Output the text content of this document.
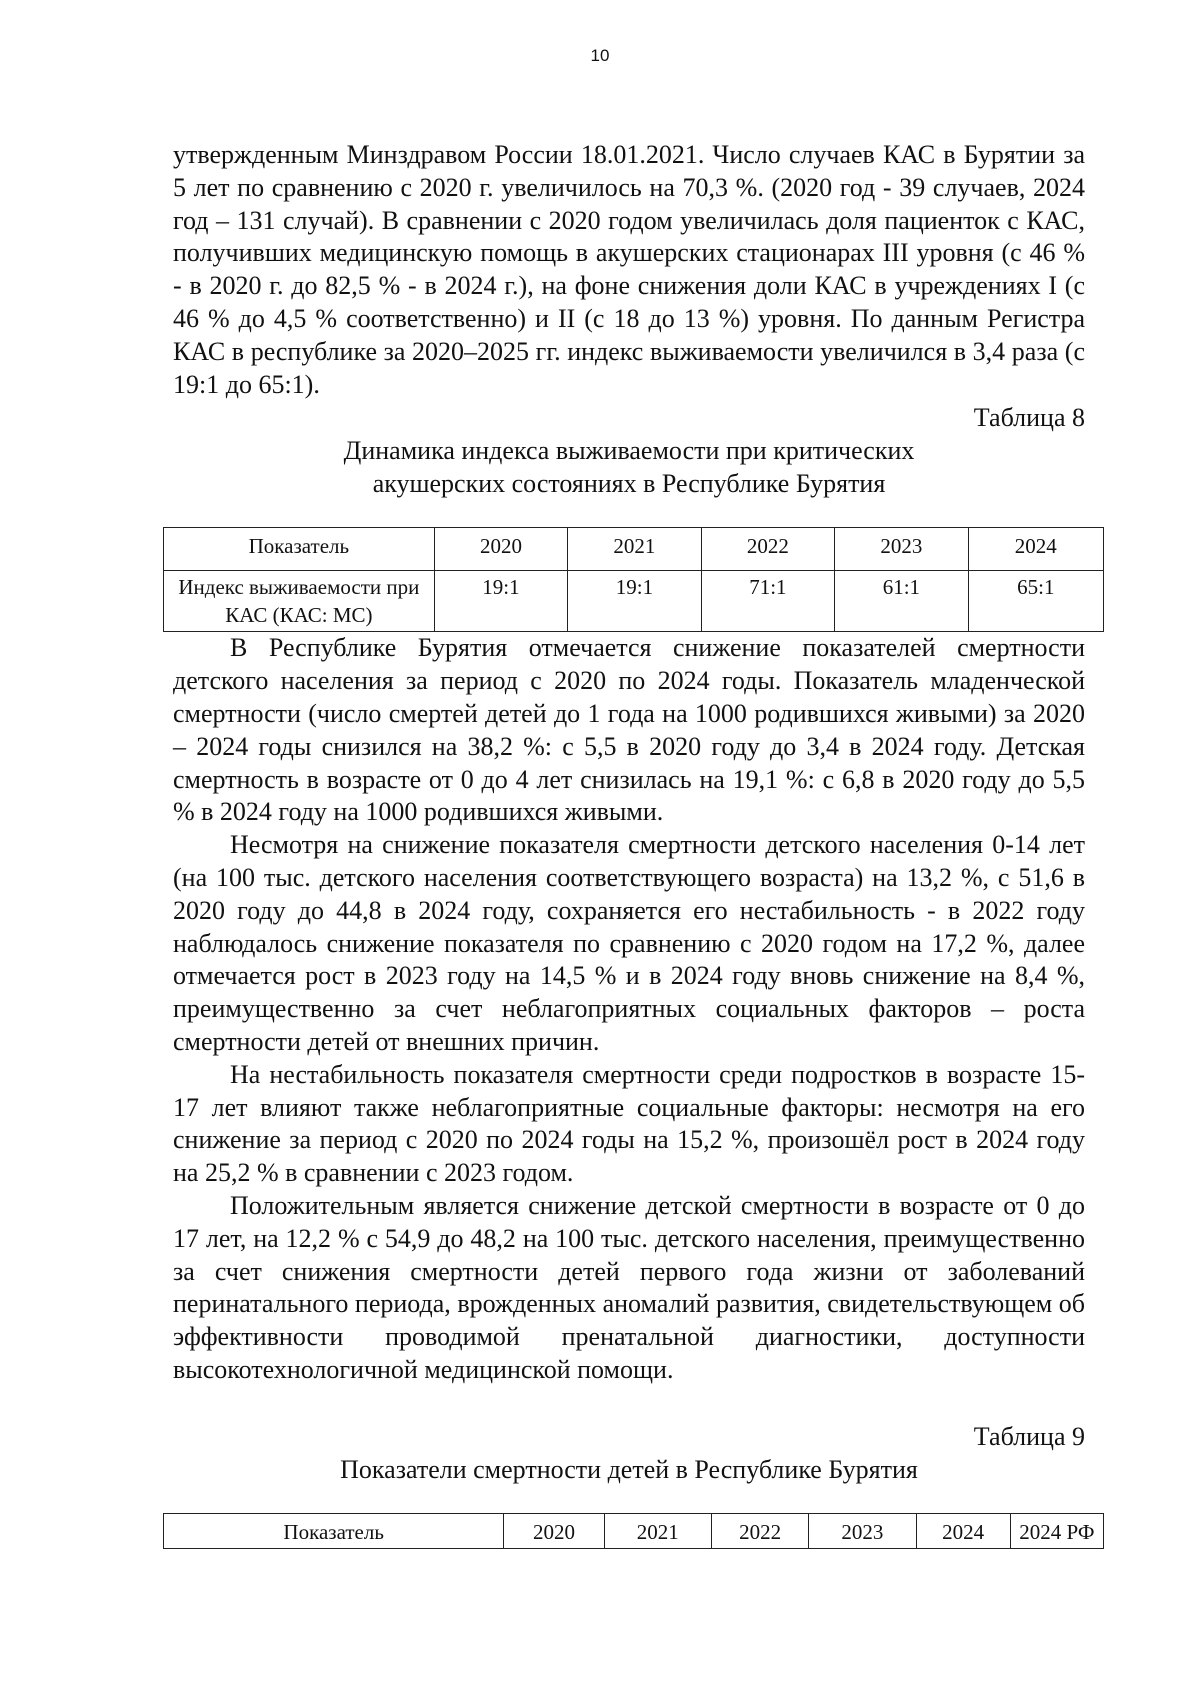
10

утвержденным Минздравом России 18.01.2021. Число случаев КАС в Бурятии за 5 лет по сравнению с 2020 г. увеличилось на 70,3 %. (2020 год - 39 случаев, 2024 год – 131 случай). В сравнении с 2020 годом увеличилась доля пациенток с КАС, получивших медицинскую помощь в акушерских стационарах III уровня (с 46 % - в 2020 г. до 82,5 % - в 2024 г.), на фоне снижения доли КАС в учреждениях I (с 46 % до 4,5 % соответственно) и II (с 18 до 13 %) уровня. По данным Регистра КАС в республике за 2020–2025 гг. индекс выживаемости увеличился в 3,4 раза (с 19:1 до 65:1).

Таблица 8

Динамика индекса выживаемости при критических акушерских состояниях в Республике Бурятия

Показатель	2020	2021	2022	2023	2024
Индекс выживаемости при КАС (КАС: МС)	19:1	19:1	71:1	61:1	65:1

В Республике Бурятия отмечается снижение показателей смертности детского населения за период с 2020 по 2024 годы. Показатель младенческой смертности (число смертей детей до 1 года на 1000 родившихся живыми) за 2020 – 2024 годы снизился на 38,2 %: с 5,5 в 2020 году до 3,4 в 2024 году. Детская смертность в возрасте от 0 до 4 лет снизилась на 19,1 %: с 6,8 в 2020 году до 5,5 % в 2024 году на 1000 родившихся живыми.

Несмотря на снижение показателя смертности детского населения 0-14 лет (на 100 тыс. детского населения соответствующего возраста) на 13,2 %, с 51,6 в 2020 году до 44,8 в 2024 году, сохраняется его нестабильность - в 2022 году наблюдалось снижение показателя по сравнению с 2020 годом на 17,2 %, далее отмечается рост в 2023 году на 14,5 % и в 2024 году вновь снижение на 8,4 %, преимущественно за счет неблагоприятных социальных факторов – роста смертности детей от внешних причин.

На нестабильность показателя смертности среди подростков в возрасте 15-17 лет влияют также неблагоприятные социальные факторы: несмотря на его снижение за период с 2020 по 2024 годы на 15,2 %, произошёл рост в 2024 году на 25,2 % в сравнении с 2023 годом.

Положительным является снижение детской смертности в возрасте от 0 до 17 лет, на 12,2 % с 54,9 до 48,2 на 100 тыс. детского населения, преимущественно за счет снижения смертности детей первого года жизни от заболеваний перинатального периода, врожденных аномалий развития, свидетельствующем об эффективности проводимой пренатальной диагностики, доступности высокотехнологичной медицинской помощи.

Таблица 9

Показатели смертности детей в Республике Бурятия

Показатель	2020	2021	2022	2023	2024	2024 РФ
